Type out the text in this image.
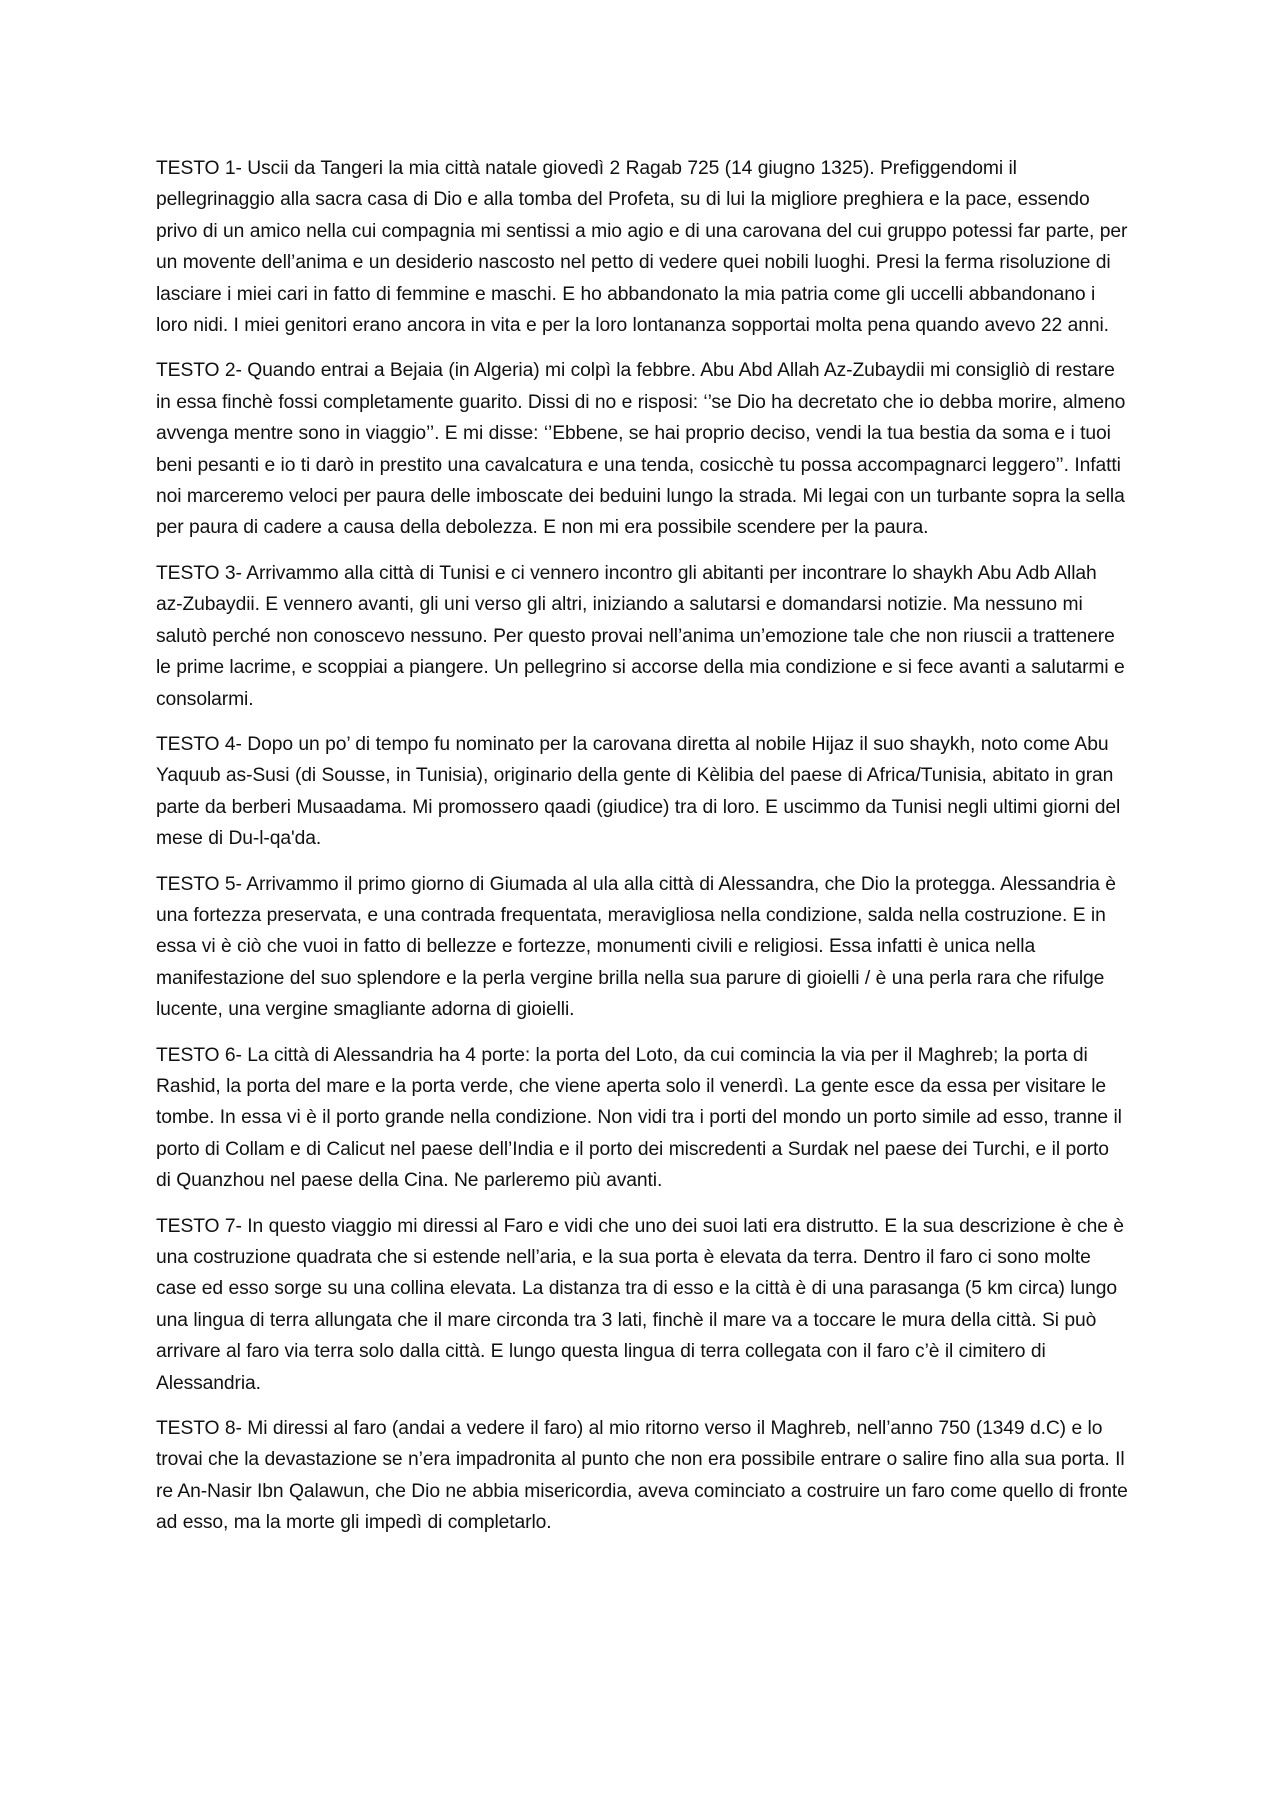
TESTO 1- Uscii da Tangeri la mia città natale giovedì 2 Ragab 725 (14 giugno 1325). Prefiggendomi il pellegrinaggio alla sacra casa di Dio e alla tomba del Profeta, su di lui la migliore preghiera e la pace, essendo privo di un amico nella cui compagnia mi sentissi a mio agio e di una carovana del cui gruppo potessi far parte, per un movente dell’anima e un desiderio nascosto nel petto di vedere quei nobili luoghi. Presi la ferma risoluzione di lasciare i miei cari in fatto di femmine e maschi. E ho abbandonato la mia patria come gli uccelli abbandonano i loro nidi. I miei genitori erano ancora in vita e per la loro lontananza sopportai molta pena quando avevo 22 anni.

TESTO 2- Quando entrai a Bejaia (in Algeria) mi colpì la febbre. Abu Abd Allah Az-Zubaydii mi consigliò di restare in essa finchè fossi completamente guarito. Dissi di no e risposi: ‘’se Dio ha decretato che io debba morire, almeno avvenga mentre sono in viaggio’’. E mi disse: ‘’Ebbene, se hai proprio deciso, vendi la tua bestia da soma e i tuoi beni pesanti e io ti darò in prestito una cavalcatura e una tenda, cosicchè tu possa accompagnarci leggero’’. Infatti noi marceremo veloci per paura delle imboscate dei beduini lungo la strada. Mi legai con un turbante sopra la sella per paura di cadere a causa della debolezza. E non mi era possibile scendere per la paura.

TESTO 3- Arrivammo alla città di Tunisi e ci vennero incontro gli abitanti per incontrare lo shaykh Abu Adb Allah az-Zubaydii. E vennero avanti, gli uni verso gli altri, iniziando a salutarsi e domandarsi notizie. Ma nessuno mi salutò perché non conoscevo nessuno. Per questo provai nell’anima un’emozione tale che non riuscii a trattenere le prime lacrime, e scoppiai a piangere. Un pellegrino si accorse della mia condizione e si fece avanti a salutarmi e consolarmi.

TESTO 4- Dopo un po’ di tempo fu nominato per la carovana diretta al nobile Hijaz il suo shaykh, noto come Abu Yaquub as-Susi (di Sousse, in Tunisia), originario della gente di Kèlibia del paese di Africa/Tunisia, abitato in gran parte da berberi Musaadama. Mi promossero qaadi (giudice) tra di loro. E uscimmo da Tunisi negli ultimi giorni del mese di Du-l-qa'da.

TESTO 5- Arrivammo il primo giorno di Giumada al ula alla città di Alessandra, che Dio la protegga. Alessandria è una fortezza preservata, e una contrada frequentata, meravigliosa nella condizione, salda nella costruzione. E in essa vi è ciò che vuoi in fatto di bellezze e fortezze, monumenti civili e religiosi. Essa infatti è unica nella manifestazione del suo splendore e la perla vergine brilla nella sua parure di gioielli / è una perla rara che rifulge lucente, una vergine smagliante adorna di gioielli.

TESTO 6- La città di Alessandria ha 4 porte: la porta del Loto, da cui comincia la via per il Maghreb; la porta di Rashid, la porta del mare e la porta verde, che viene aperta solo il venerdì. La gente esce da essa per visitare le tombe. In essa vi è il porto grande nella condizione. Non vidi tra i porti del mondo un porto simile ad esso, tranne il porto di Collam e di Calicut nel paese dell’India e il porto dei miscredenti a Surdak nel paese dei Turchi, e il porto di Quanzhou nel paese della Cina. Ne parleremo più avanti.

TESTO 7- In questo viaggio mi diressi al Faro e vidi che uno dei suoi lati era distrutto. E la sua descrizione è che è una costruzione quadrata che si estende nell’aria, e la sua porta è elevata da terra. Dentro il faro ci sono molte case ed esso sorge su una collina elevata. La distanza tra di esso e la città è di una parasanga (5 km circa) lungo una lingua di terra allungata che il mare circonda tra 3 lati, finchè il mare va a toccare le mura della città. Si può arrivare al faro via terra solo dalla città. E lungo questa lingua di terra collegata con il faro c’è il cimitero di Alessandria.

TESTO 8- Mi diressi al faro (andai a vedere il faro) al mio ritorno verso il Maghreb, nell’anno 750 (1349 d.C) e lo trovai che la devastazione se n’era impadronita al punto che non era possibile entrare o salire fino alla sua porta. Il re An-Nasir Ibn Qalawun, che Dio ne abbia misericordia, aveva cominciato a costruire un faro come quello di fronte ad esso, ma la morte gli impedì di completarlo.
